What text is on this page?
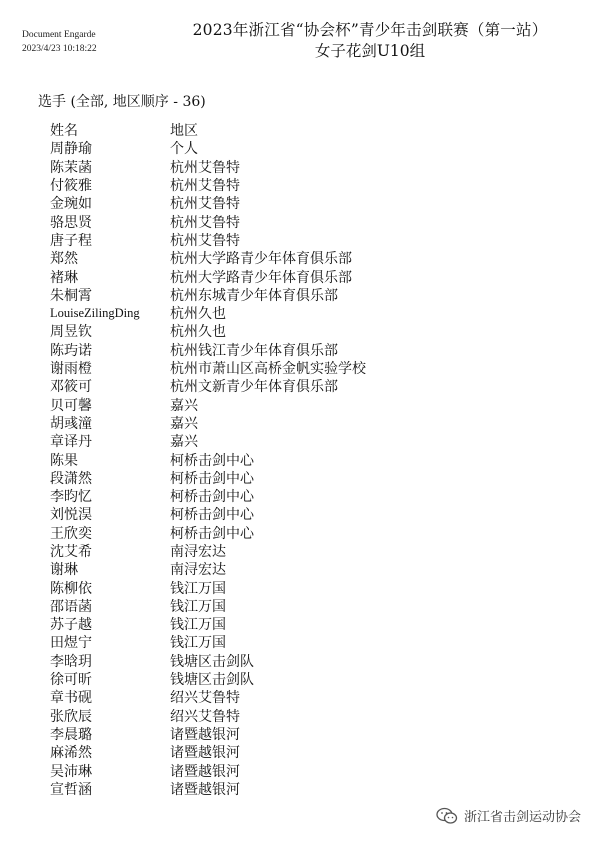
Document Engarde
2023/4/23 10:18:22
2023年浙江省“协会杯”青少年击剑联赛（第一站）
女子花剑U10组
选手 (全部, 地区顺序 - 36)
姓名	地区
周静瑜	个人
陈茉菡	杭州艾鲁特
付筱雅	杭州艾鲁特
金琬如	杭州艾鲁特
骆思贤	杭州艾鲁特
唐子程	杭州艾鲁特
郑然	杭州大学路青少年体育俱乐部
褚琳	杭州大学路青少年体育俱乐部
朱桐霄	杭州东城青少年体育俱乐部
LouiseZilingDing	杭州久也
周昱钦	杭州久也
陈玙诺	杭州钱江青少年体育俱乐部
谢雨橙	杭州市萧山区高桥金帆实验学校
邓筱可	杭州文新青少年体育俱乐部
贝可馨	嘉兴
胡彧潼	嘉兴
章译丹	嘉兴
陈果	柯桥击剑中心
段潇然	柯桥击剑中心
李昀忆	柯桥击剑中心
刘悦淏	柯桥击剑中心
王欣奕	柯桥击剑中心
沈艾希	南浔宏达
谢琳	南浔宏达
陈柳依	钱江万国
邵语菡	钱江万国
苏子越	钱江万国
田煜宁	钱江万国
李晗玥	钱塘区击剑队
徐可昕	钱塘区击剑队
章书砚	绍兴艾鲁特
张欣辰	绍兴艾鲁特
李晨璐	诸暨越银河
麻浠然	诸暨越银河
吴沛琳	诸暨越银河
宣哲涵	诸暨越银河
浙江省击剑运动协会
